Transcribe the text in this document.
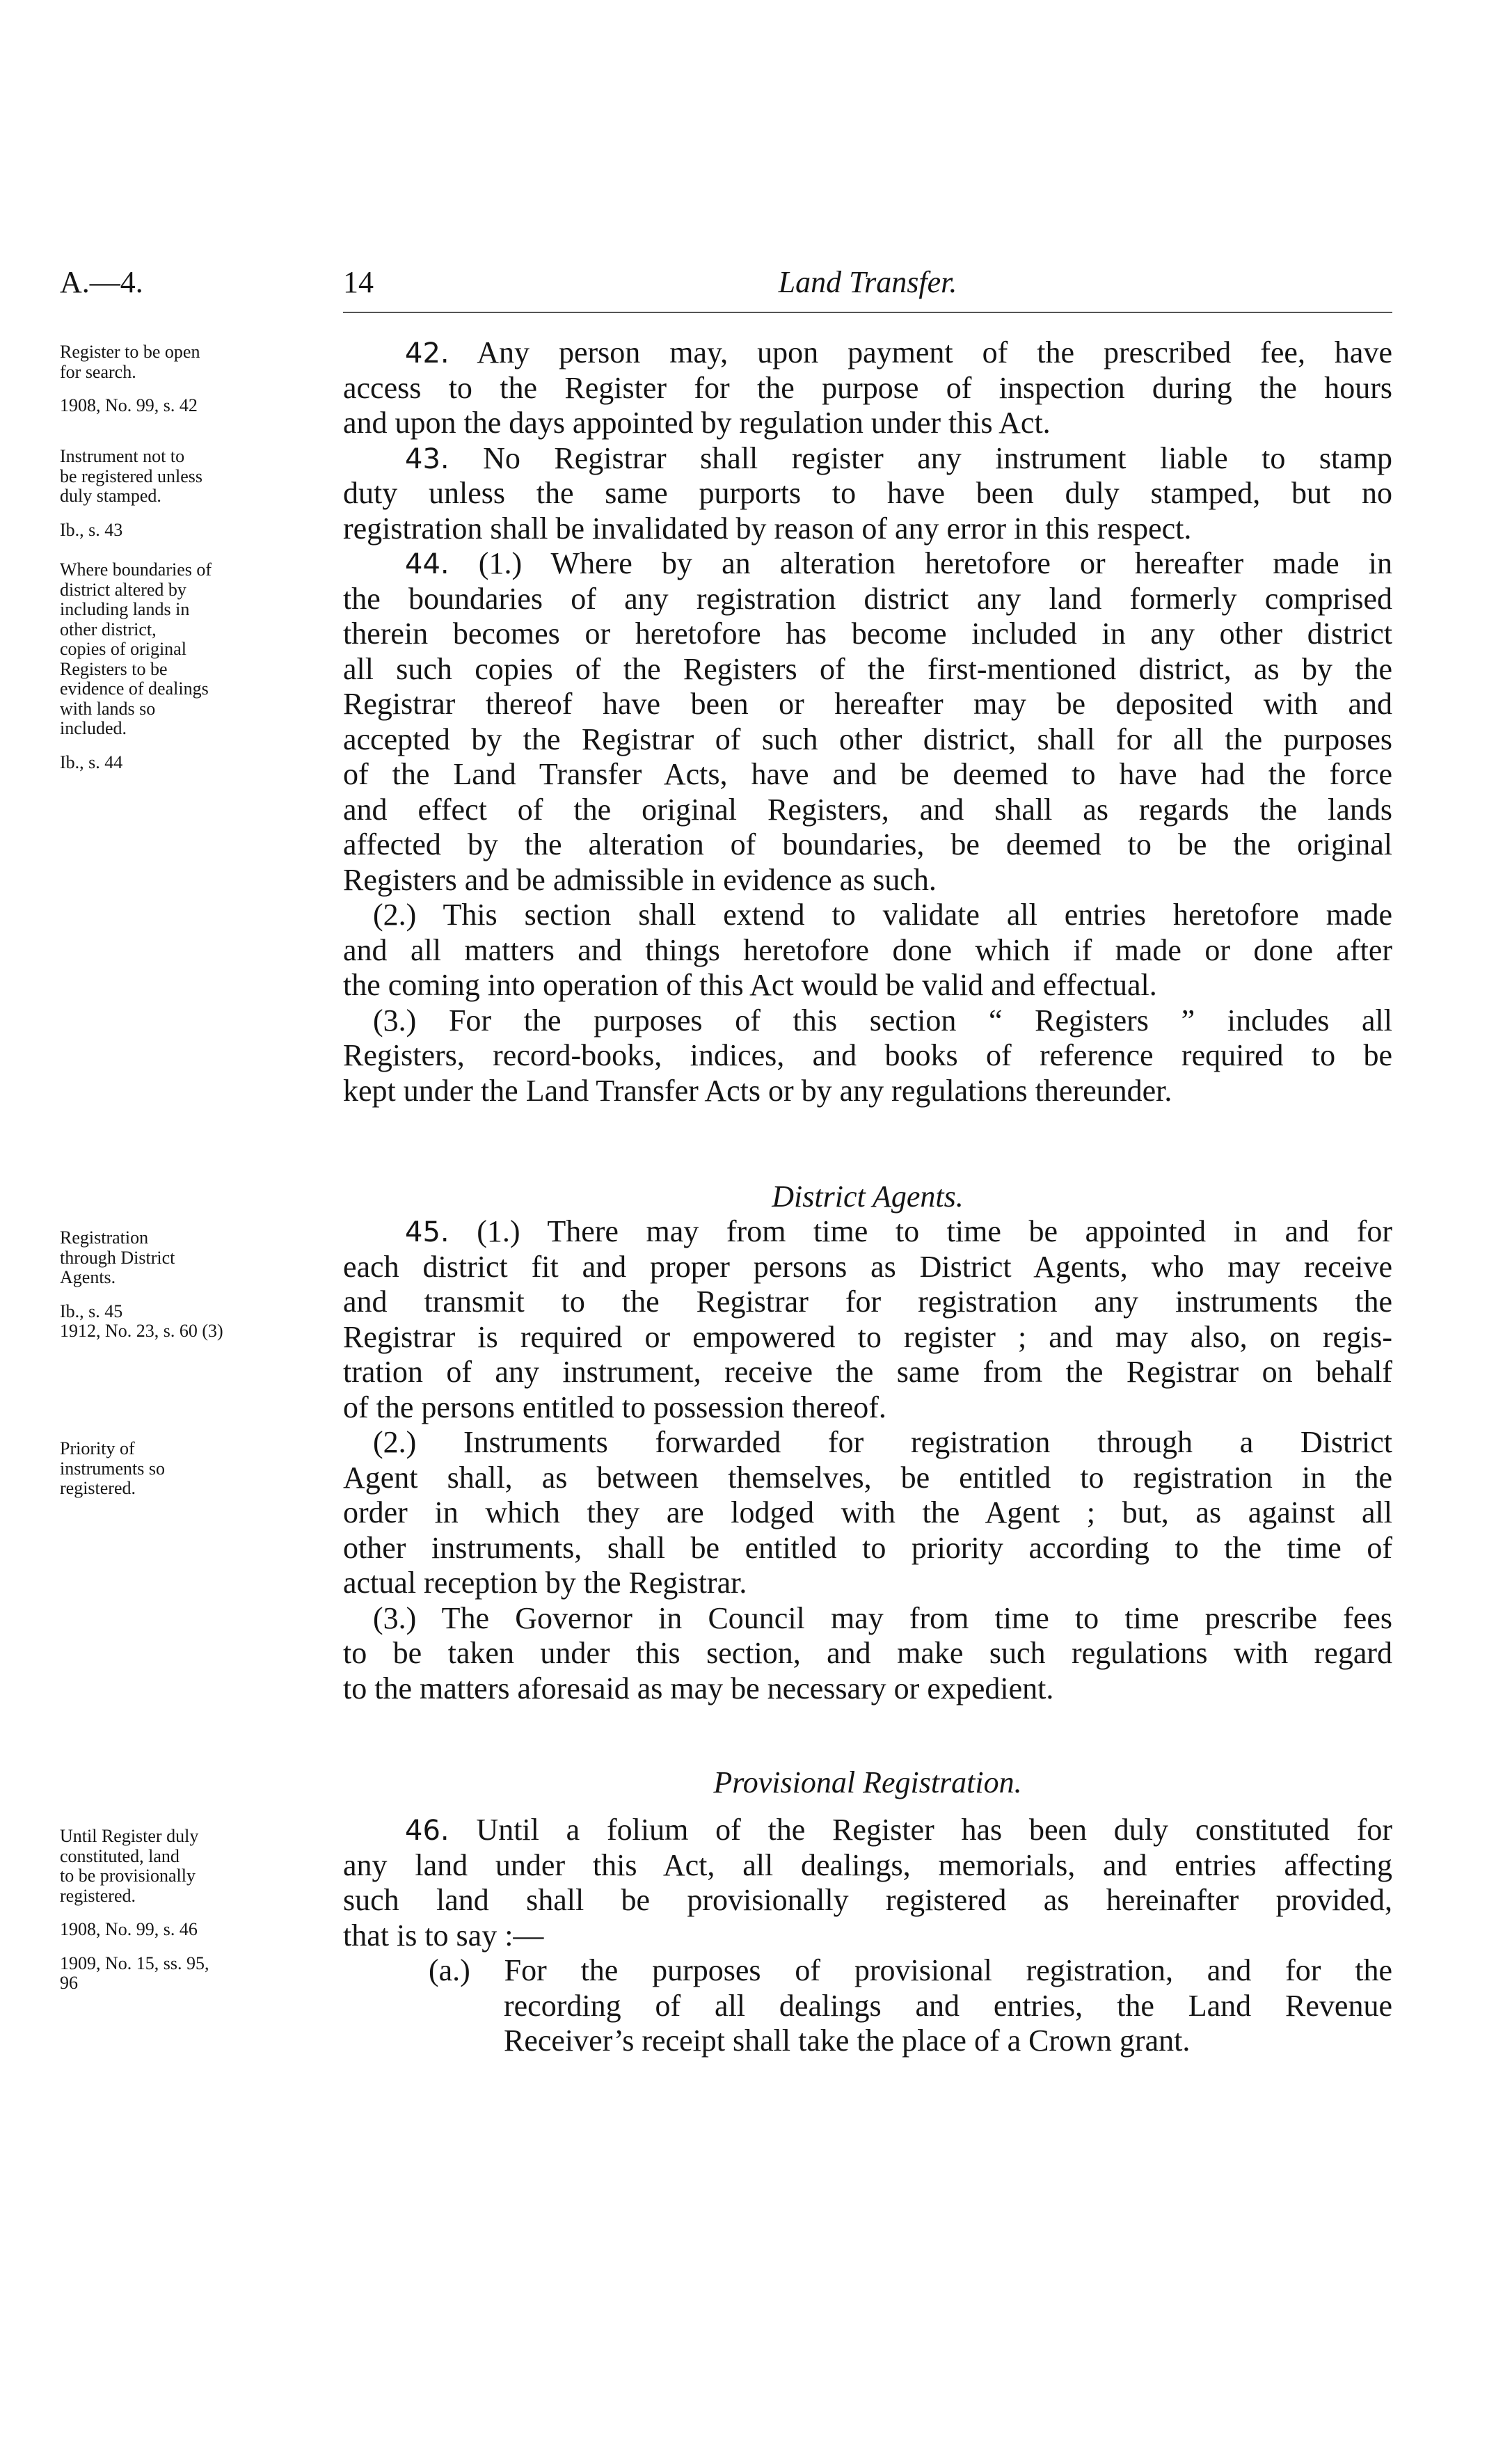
A.—4.	14	Land Transfer.
42. Any person may, upon payment of the prescribed fee, have
access to the Register for the purpose of inspection during the hours
and upon the days appointed by regulation under this Act.
43. No Registrar shall register any instrument liable to stamp
duty unless the same purports to have been duly stamped, but no
registration shall be invalidated by reason of any error in this respect.
44. (1.) Where by an alteration heretofore or hereafter made in
the boundaries of any registration district any land formerly comprised
therein becomes or heretofore has become included in any other district
all such copies of the Registers of the first-mentioned district, as by the
Registrar thereof have been or hereafter may be deposited with and
accepted by the Registrar of such other district, shall for all the purposes
of the Land Transfer Acts, have and be deemed to have had the force
and effect of the original Registers, and shall as regards the lands
affected by the alteration of boundaries, be deemed to be the original
Registers and be admissible in evidence as such.
(2.) This section shall extend to validate all entries heretofore made
and all matters and things heretofore done which if made or done after
the coming into operation of this Act would be valid and effectual.
(3.) For the purposes of this section “ Registers ” includes all
Registers, record-books, indices, and books of reference required to be
kept under the Land Transfer Acts or by any regulations thereunder.
District Agents.
45. (1.) There may from time to time be appointed in and for
each district fit and proper persons as District Agents, who may receive
and transmit to the Registrar for registration any instruments the
Registrar is required or empowered to register ; and may also, on regis-
tration of any instrument, receive the same from the Registrar on behalf
of the persons entitled to possession thereof.
(2.) Instruments forwarded for registration through a District
Agent shall, as between themselves, be entitled to registration in the
order in which they are lodged with the Agent ; but, as against all
other instruments, shall be entitled to priority according to the time of
actual reception by the Registrar.
(3.) The Governor in Council may from time to time prescribe fees
to be taken under this section, and make such regulations with regard
to the matters aforesaid as may be necessary or expedient.
Provisional Registration.
46. Until a folium of the Register has been duly constituted for
any land under this Act, all dealings, memorials, and entries affecting
such land shall be provisionally registered as hereinafter provided,
that is to say :—
(a.) For the purposes of provisional registration, and for the
recording of all dealings and entries, the Land Revenue
Receiver’s receipt shall take the place of a Crown grant.
Register to be open
for search.
1908, No. 99, s. 42
Instrument not to
be registered unless
duly stamped.
Ib., s. 43
Where boundaries of
district altered by
including lands in
other district,
copies of original
Registers to be
evidence of dealings
with lands so
included.
Ib., s. 44
Registration
through District
Agents.
Ib., s. 45
1912, No. 23, s. 60 (3)
Priority of
instruments so
registered.
Until Register duly
constituted, land
to be provisionally
registered.
1908, No. 99, s. 46
1909, No. 15, ss. 95,
96
